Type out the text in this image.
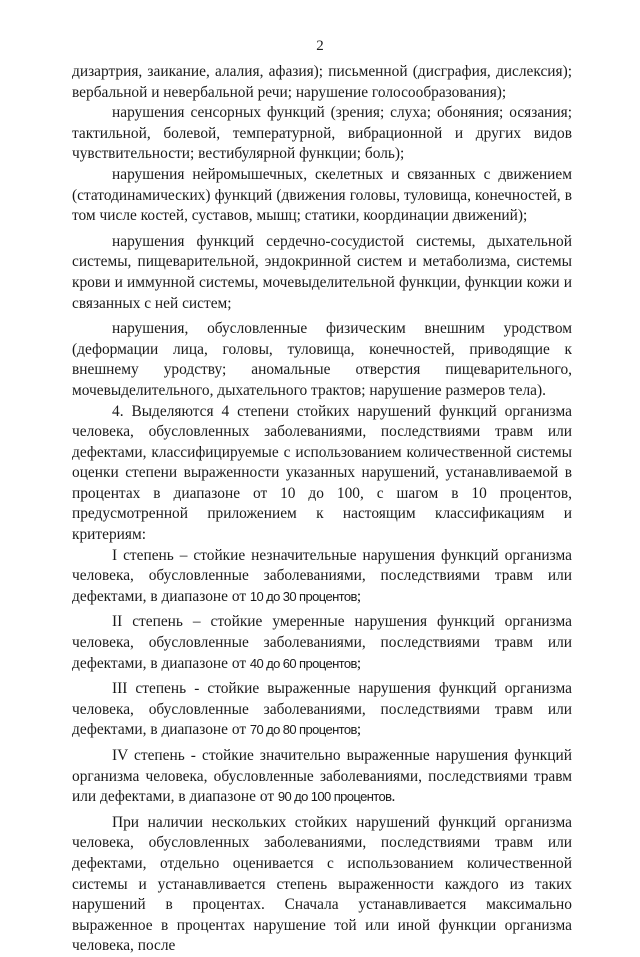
2

дизартрия, заикание, алалия, афазия); письменной (дисграфия, дислексия); вербальной и невербальной речи; нарушение голосообразования);

нарушения сенсорных функций (зрения; слуха; обоняния; осязания; тактильной, болевой, температурной, вибрационной и других видов чувствительности; вестибулярной функции; боль);

нарушения нейромышечных, скелетных и связанных с движением (статодинамических) функций (движения головы, туловища, конечностей, в том числе костей, суставов, мышц; статики, координации движений);

нарушения функций сердечно-сосудистой системы, дыхательной системы, пищеварительной, эндокринной систем и метаболизма, системы крови и иммунной системы, мочевыделительной функции, функции кожи и связанных с ней систем;

нарушения, обусловленные физическим внешним уродством (деформации лица, головы, туловища, конечностей, приводящие к внешнему уродству; аномальные отверстия пищеварительного, мочевыделительного, дыхательного трактов; нарушение размеров тела).

4. Выделяются 4 степени стойких нарушений функций организма человека, обусловленных заболеваниями, последствиями травм или дефектами, классифицируемые с использованием количественной системы оценки степени выраженности указанных нарушений, устанавливаемой в процентах в диапазоне от 10 до 100, с шагом в 10 процентов, предусмотренной приложением к настоящим классификациям и критериям:

I степень – стойкие незначительные нарушения функций организма человека, обусловленные заболеваниями, последствиями травм или дефектами, в диапазоне от 10 до 30 процентов;

II степень – стойкие умеренные нарушения функций организма человека, обусловленные заболеваниями, последствиями травм или дефектами, в диапазоне от 40 до 60 процентов;

III степень - стойкие выраженные нарушения функций организма человека, обусловленные заболеваниями, последствиями травм или дефектами, в диапазоне от 70 до 80 процентов;

IV степень - стойкие значительно выраженные нарушения функций организма человека, обусловленные заболеваниями, последствиями травм или дефектами, в диапазоне от 90 до 100 процентов.

При наличии нескольких стойких нарушений функций организма человека, обусловленных заболеваниями, последствиями травм или дефектами, отдельно оценивается с использованием количественной системы и устанавливается степень выраженности каждого из таких нарушений в процентах. Сначала устанавливается максимально выраженное в процентах нарушение той или иной функции организма человека, после
